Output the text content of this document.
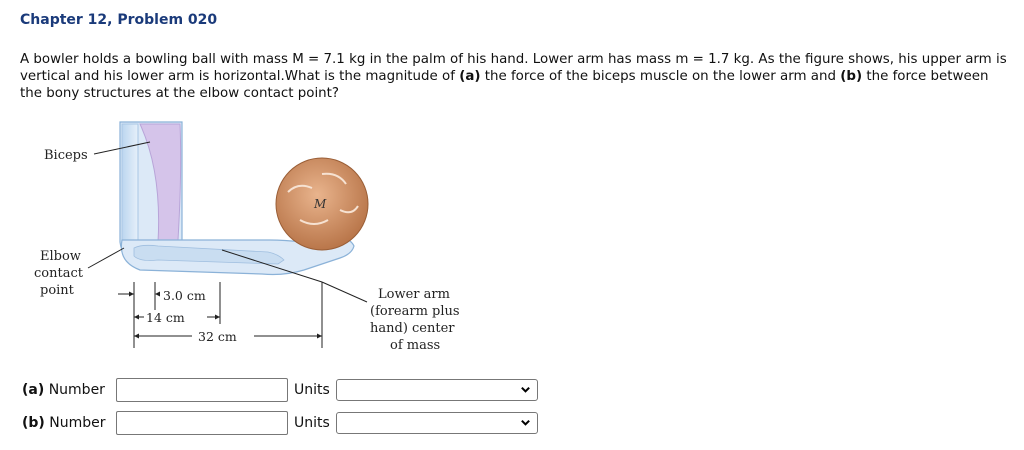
Chapter 12, Problem 020
A bowler holds a bowling ball with mass M = 7.1 kg in the palm of his hand. Lower arm has mass m = 1.7 kg. As the figure shows, his upper arm is vertical and his lower arm is horizontal.What is the magnitude of (a) the force of the biceps muscle on the lower arm and (b) the force between the bony structures at the elbow contact point?
Biceps
Elbow
contact
point
M
3.0 cm
14 cm
32 cm
Lower arm
(forearm plus
hand) center
of mass
(a) Number	Units
(b) Number	Units
